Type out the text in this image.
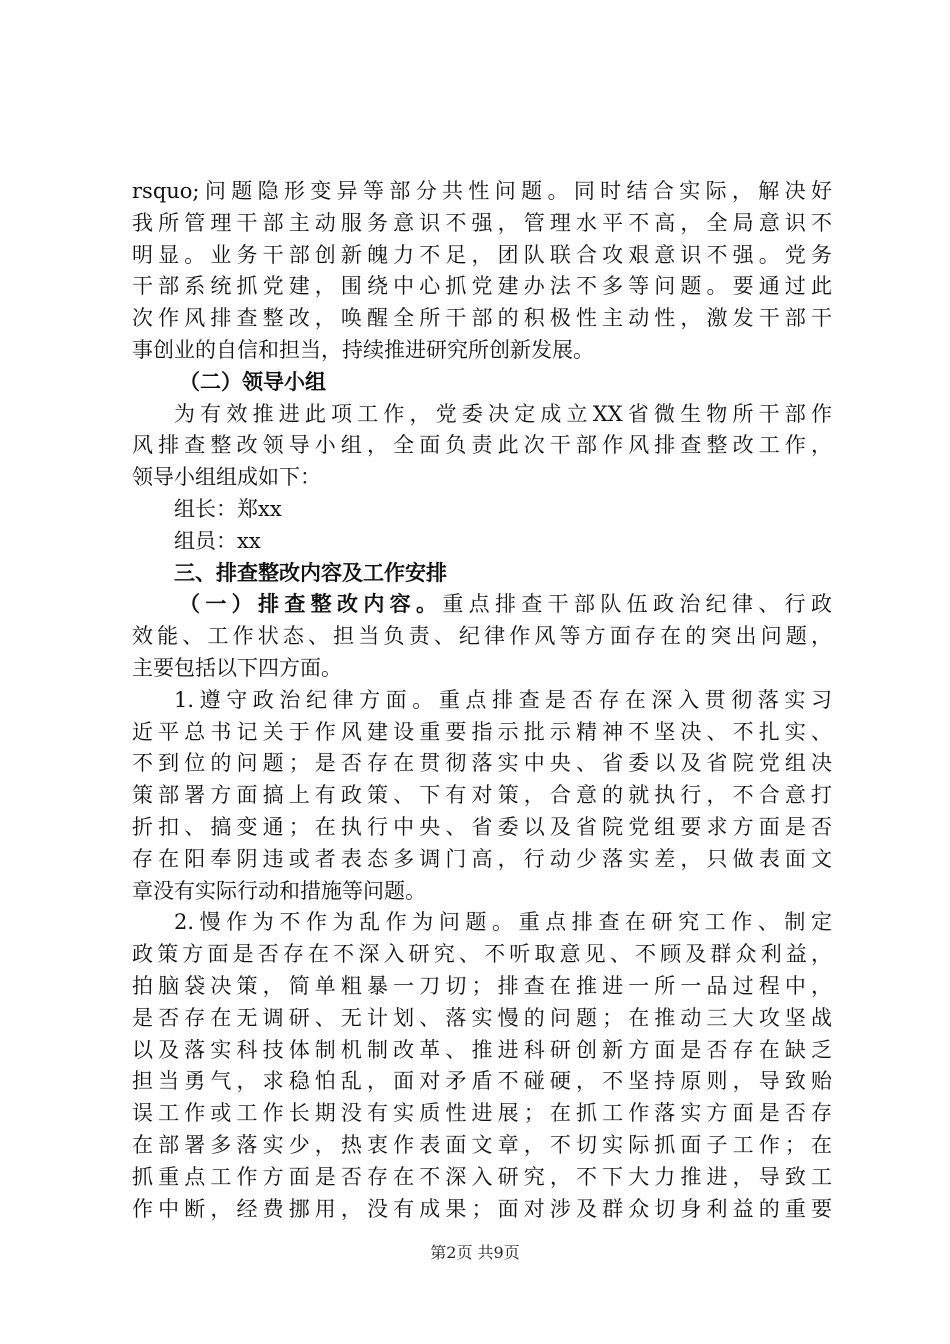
rsquo;问题隐形变异等部分共性问题。同时结合实际，解决好
我所管理干部主动服务意识不强，管理水平不高，全局意识不
明显。业务干部创新魄力不足，团队联合攻艰意识不强。党务
干部系统抓党建，围绕中心抓党建办法不多等问题。要通过此
次作风排查整改，唤醒全所干部的积极性主动性，激发干部干
事创业的自信和担当，持续推进研究所创新发展。
（二）领导小组
为有效推进此项工作，党委决定成立XX省微生物所干部作
风排查整改领导小组，全面负责此次干部作风排查整改工作，
领导小组组成如下：
组长：郑xx
组员：xx
三、排查整改内容及工作安排
（一）排查整改内容。重点排查干部队伍政治纪律、行政
效能、工作状态、担当负责、纪律作风等方面存在的突出问题，
主要包括以下四方面。
1.遵守政治纪律方面。重点排查是否存在深入贯彻落实习
近平总书记关于作风建设重要指示批示精神不坚决、不扎实、
不到位的问题；是否存在贯彻落实中央、省委以及省院党组决
策部署方面搞上有政策、下有对策，合意的就执行，不合意打
折扣、搞变通；在执行中央、省委以及省院党组要求方面是否
存在阳奉阴违或者表态多调门高，行动少落实差，只做表面文
章没有实际行动和措施等问题。
2.慢作为不作为乱作为问题。重点排查在研究工作、制定
政策方面是否存在不深入研究、不听取意见、不顾及群众利益，
拍脑袋决策，简单粗暴一刀切；排查在推进一所一品过程中，
是否存在无调研、无计划、落实慢的问题；在推动三大攻坚战
以及落实科技体制机制改革、推进科研创新方面是否存在缺乏
担当勇气，求稳怕乱，面对矛盾不碰硬，不坚持原则，导致贻
误工作或工作长期没有实质性进展；在抓工作落实方面是否存
在部署多落实少，热衷作表面文章，不切实际抓面子工作；在
抓重点工作方面是否存在不深入研究，不下大力推进，导致工
作中断，经费挪用，没有成果；面对涉及群众切身利益的重要
第2页 共9页
